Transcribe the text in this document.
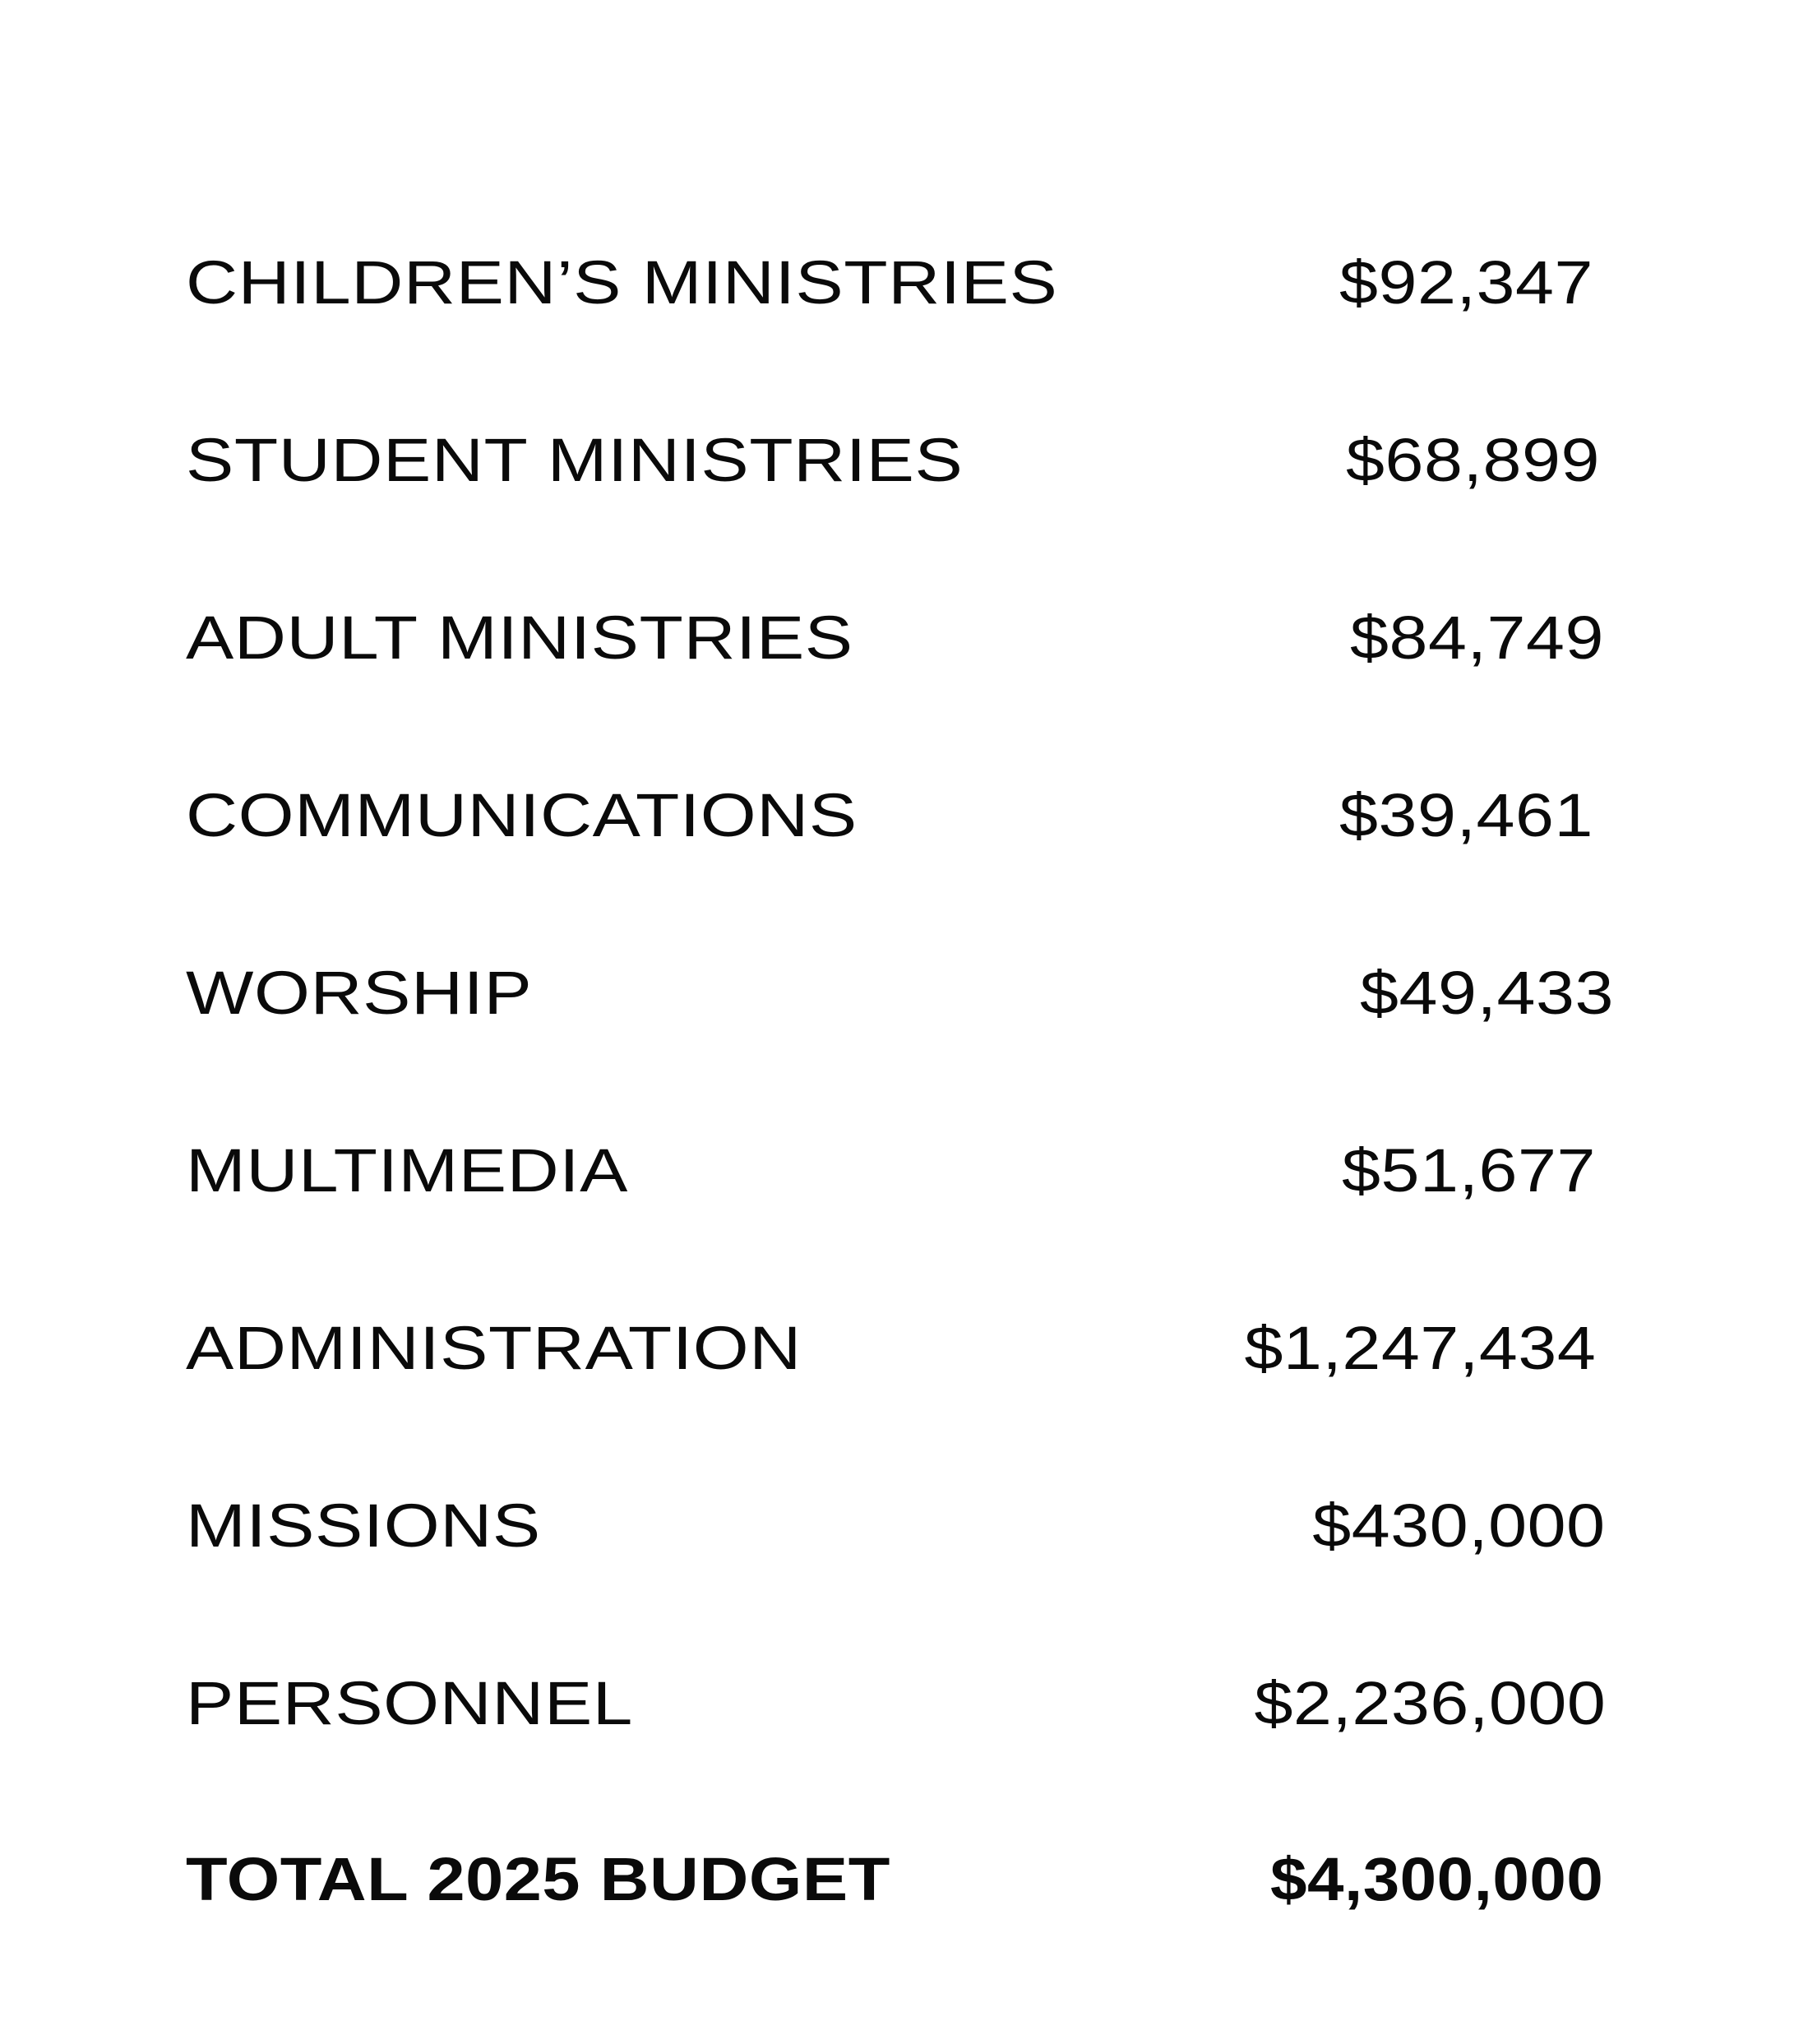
CHILDREN’S MINISTRIES	$92,347
STUDENT MINISTRIES	$68,899
ADULT MINISTRIES	$84,749
COMMUNICATIONS	$39,461
WORSHIP	$49,433
MULTIMEDIA	$51,677
ADMINISTRATION	$1,247,434
MISSIONS	$430,000
PERSONNEL	$2,236,000
TOTAL 2025 BUDGET	$4,300,000
